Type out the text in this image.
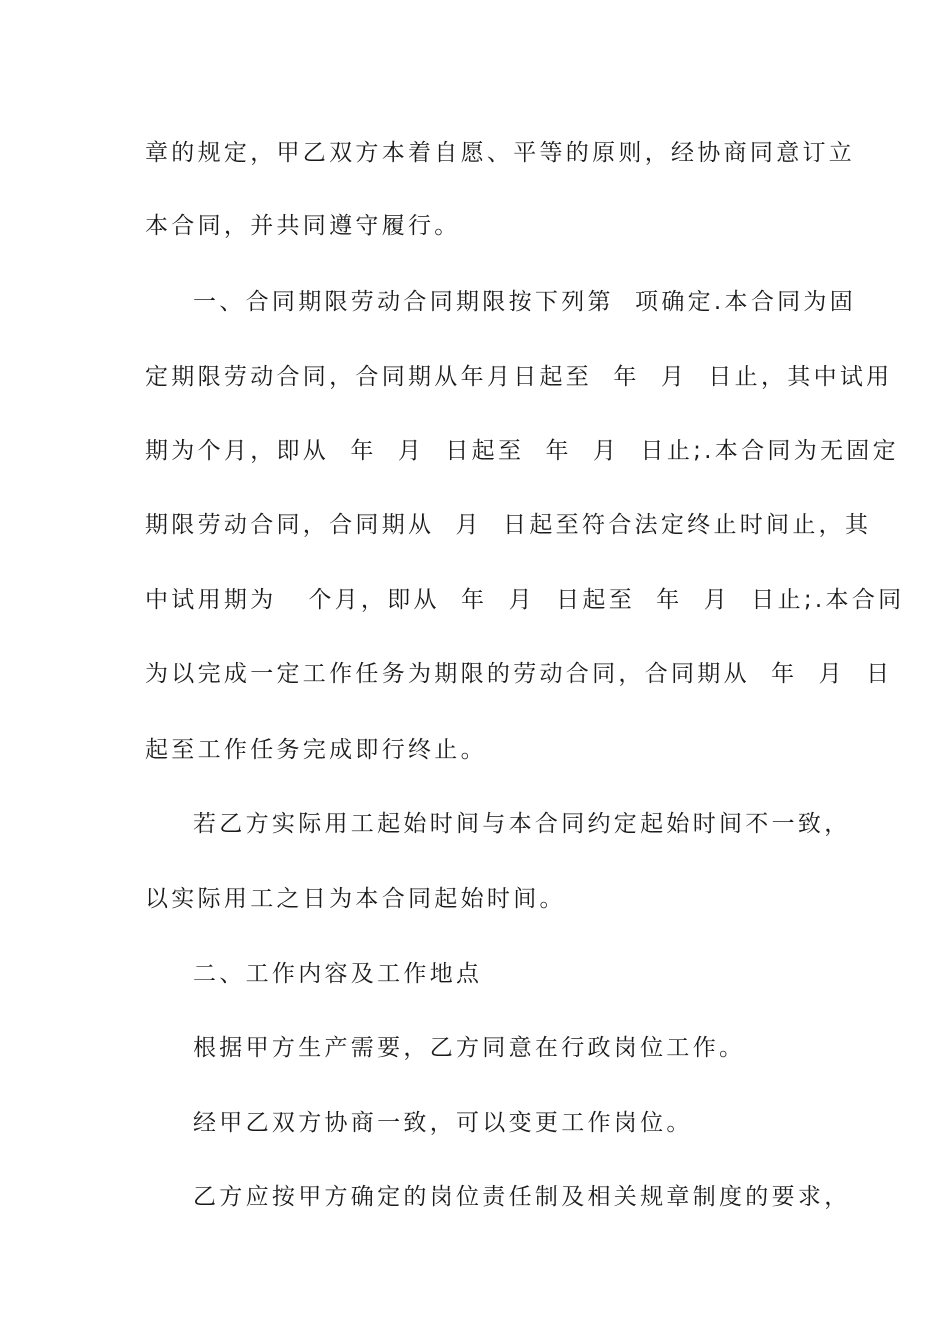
章的规定，甲乙双方本着自愿、平等的原则，经协商同意订立
本合同，并共同遵守履行。
一、合同期限劳动合同期限按下列第  项确定.本合同为固
定期限劳动合同，合同期从年月日起至  年  月  日止，其中试用
期为个月，即从  年  月  日起至  年  月  日止;.本合同为无固定
期限劳动合同，合同期从  月  日起至符合法定终止时间止，其
中试用期为   个月，即从  年  月  日起至  年  月  日止;.本合同
为以完成一定工作任务为期限的劳动合同，合同期从  年  月  日
起至工作任务完成即行终止。
若乙方实际用工起始时间与本合同约定起始时间不一致，
以实际用工之日为本合同起始时间。
二、工作内容及工作地点
根据甲方生产需要，乙方同意在行政岗位工作。
经甲乙双方协商一致，可以变更工作岗位。
乙方应按甲方确定的岗位责任制及相关规章制度的要求，
